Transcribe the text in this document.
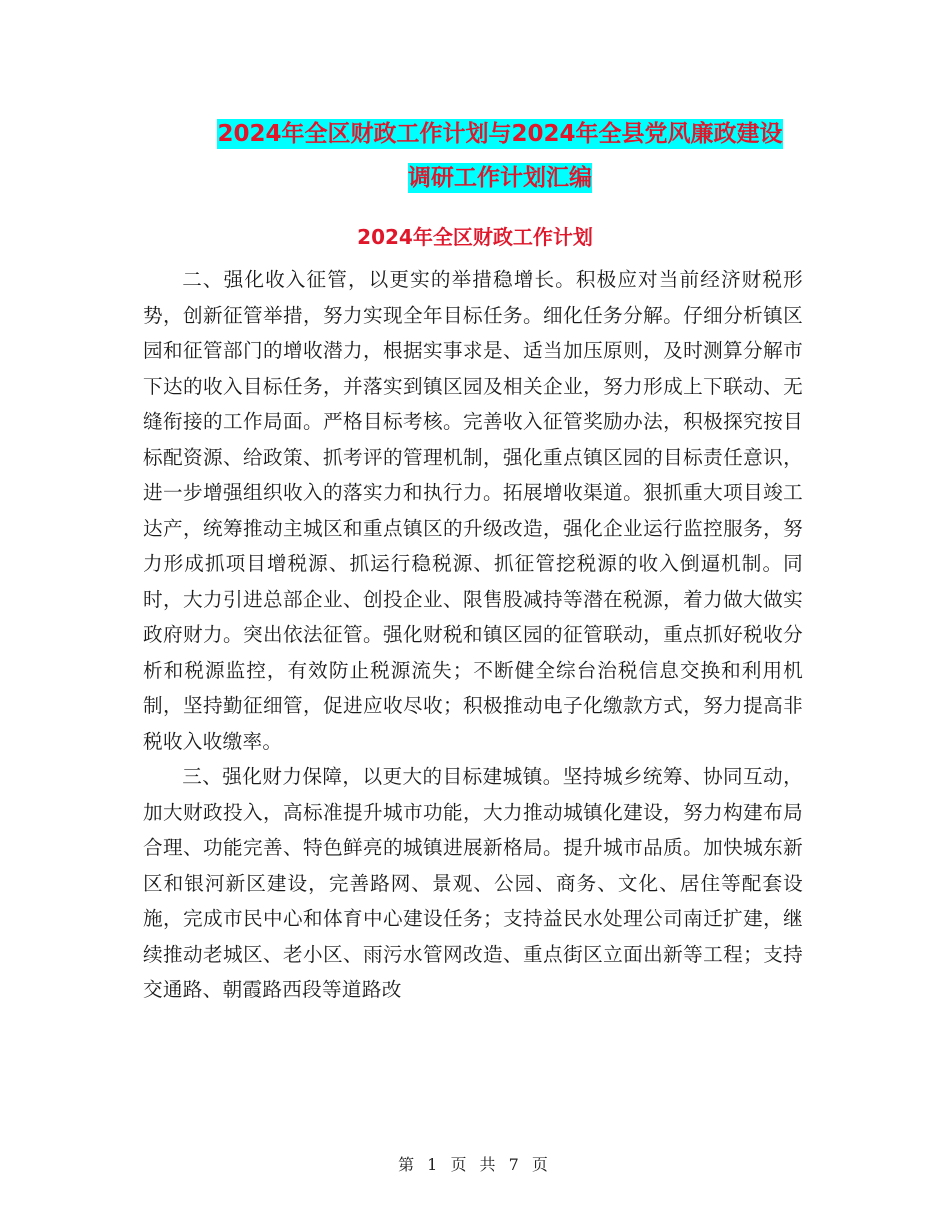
2024年全区财政工作计划与2024年全县党风廉政建设
调研工作计划汇编
2024年全区财政工作计划

二、强化收入征管，以更实的举措稳增长。积极应对当前经济财税形势，创新征管举措，努力实现全年目标任务。细化任务分解。仔细分析镇区园和征管部门的增收潜力，根据实事求是、适当加压原则，及时测算分解市下达的收入目标任务，并落实到镇区园及相关企业，努力形成上下联动、无缝衔接的工作局面。严格目标考核。完善收入征管奖励办法，积极探究按目标配资源、给政策、抓考评的管理机制，强化重点镇区园的目标责任意识，进一步增强组织收入的落实力和执行力。拓展增收渠道。狠抓重大项目竣工达产，统筹推动主城区和重点镇区的升级改造，强化企业运行监控服务，努力形成抓项目增税源、抓运行稳税源、抓征管挖税源的收入倒逼机制。同时，大力引进总部企业、创投企业、限售股减持等潜在税源，着力做大做实政府财力。突出依法征管。强化财税和镇区园的征管联动，重点抓好税收分析和税源监控，有效防止税源流失；不断健全综台治税信息交换和利用机制，坚持勤征细管，促进应收尽收；积极推动电子化缴款方式，努力提高非税收入收缴率。

三、强化财力保障，以更大的目标建城镇。坚持城乡统筹、协同互动，加大财政投入，高标准提升城市功能，大力推动城镇化建设，努力构建布局合理、功能完善、特色鲜亮的城镇进展新格局。提升城市品质。加快城东新区和银河新区建设，完善路网、景观、公园、商务、文化、居住等配套设施，完成市民中心和体育中心建设任务；支持益民水处理公司南迁扩建，继续推动老城区、老小区、雨污水管网改造、重点街区立面出新等工程；支持交通路、朝霞路西段等道路改

第 1 页 共 7 页
